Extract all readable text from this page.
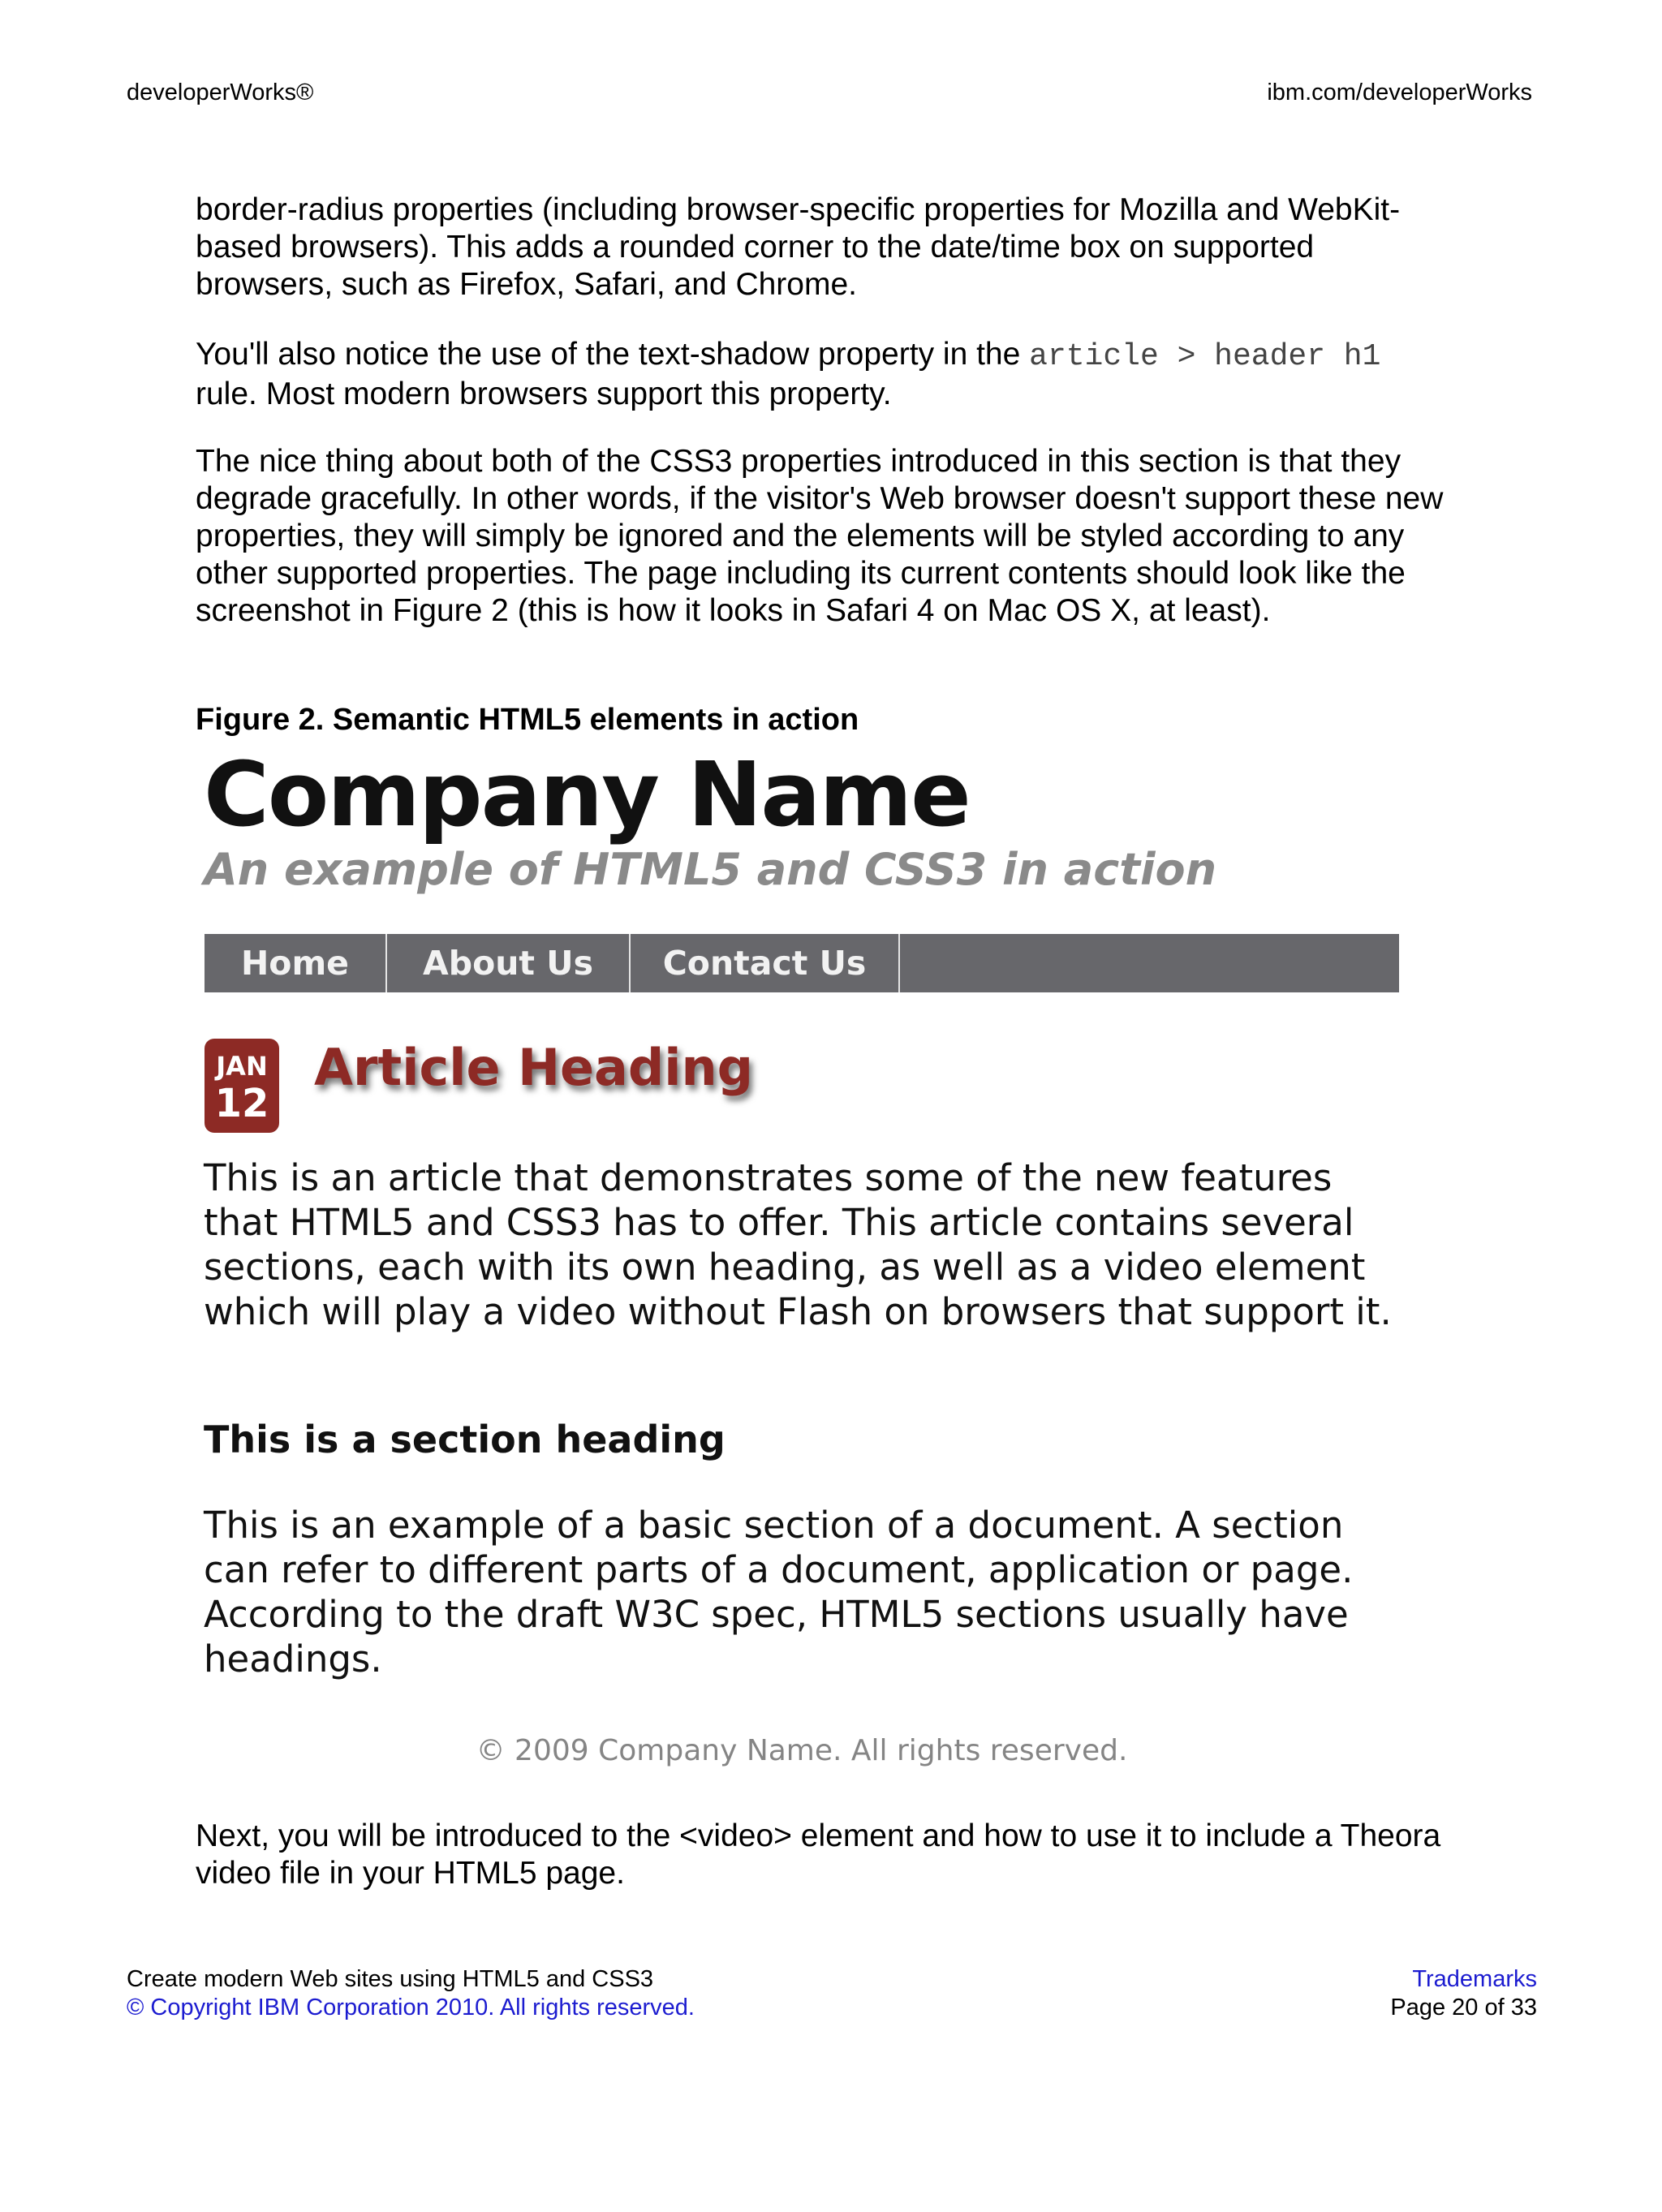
developerWorks®	ibm.com/developerWorks
border-radius properties (including browser-specific properties for Mozilla and WebKit-based browsers). This adds a rounded corner to the date/time box on supported browsers, such as Firefox, Safari, and Chrome.
You'll also notice the use of the text-shadow property in the article > header h1 rule. Most modern browsers support this property.
The nice thing about both of the CSS3 properties introduced in this section is that they degrade gracefully. In other words, if the visitor's Web browser doesn't support these new properties, they will simply be ignored and the elements will be styled according to any other supported properties. The page including its current contents should look like the screenshot in Figure 2 (this is how it looks in Safari 4 on Mac OS X, at least).
Figure 2. Semantic HTML5 elements in action
Company Name
An example of HTML5 and CSS3 in action
Home	About Us	Contact Us
JAN
12
Article Heading
This is an article that demonstrates some of the new features that HTML5 and CSS3 has to offer. This article contains several sections, each with its own heading, as well as a video element which will play a video without Flash on browsers that support it.
This is a section heading
This is an example of a basic section of a document. A section can refer to different parts of a document, application or page. According to the draft W3C spec, HTML5 sections usually have headings.
© 2009 Company Name. All rights reserved.
Next, you will be introduced to the <video> element and how to use it to include a Theora video file in your HTML5 page.
Create modern Web sites using HTML5 and CSS3	Trademarks
© Copyright IBM Corporation 2010. All rights reserved.	Page 20 of 33
